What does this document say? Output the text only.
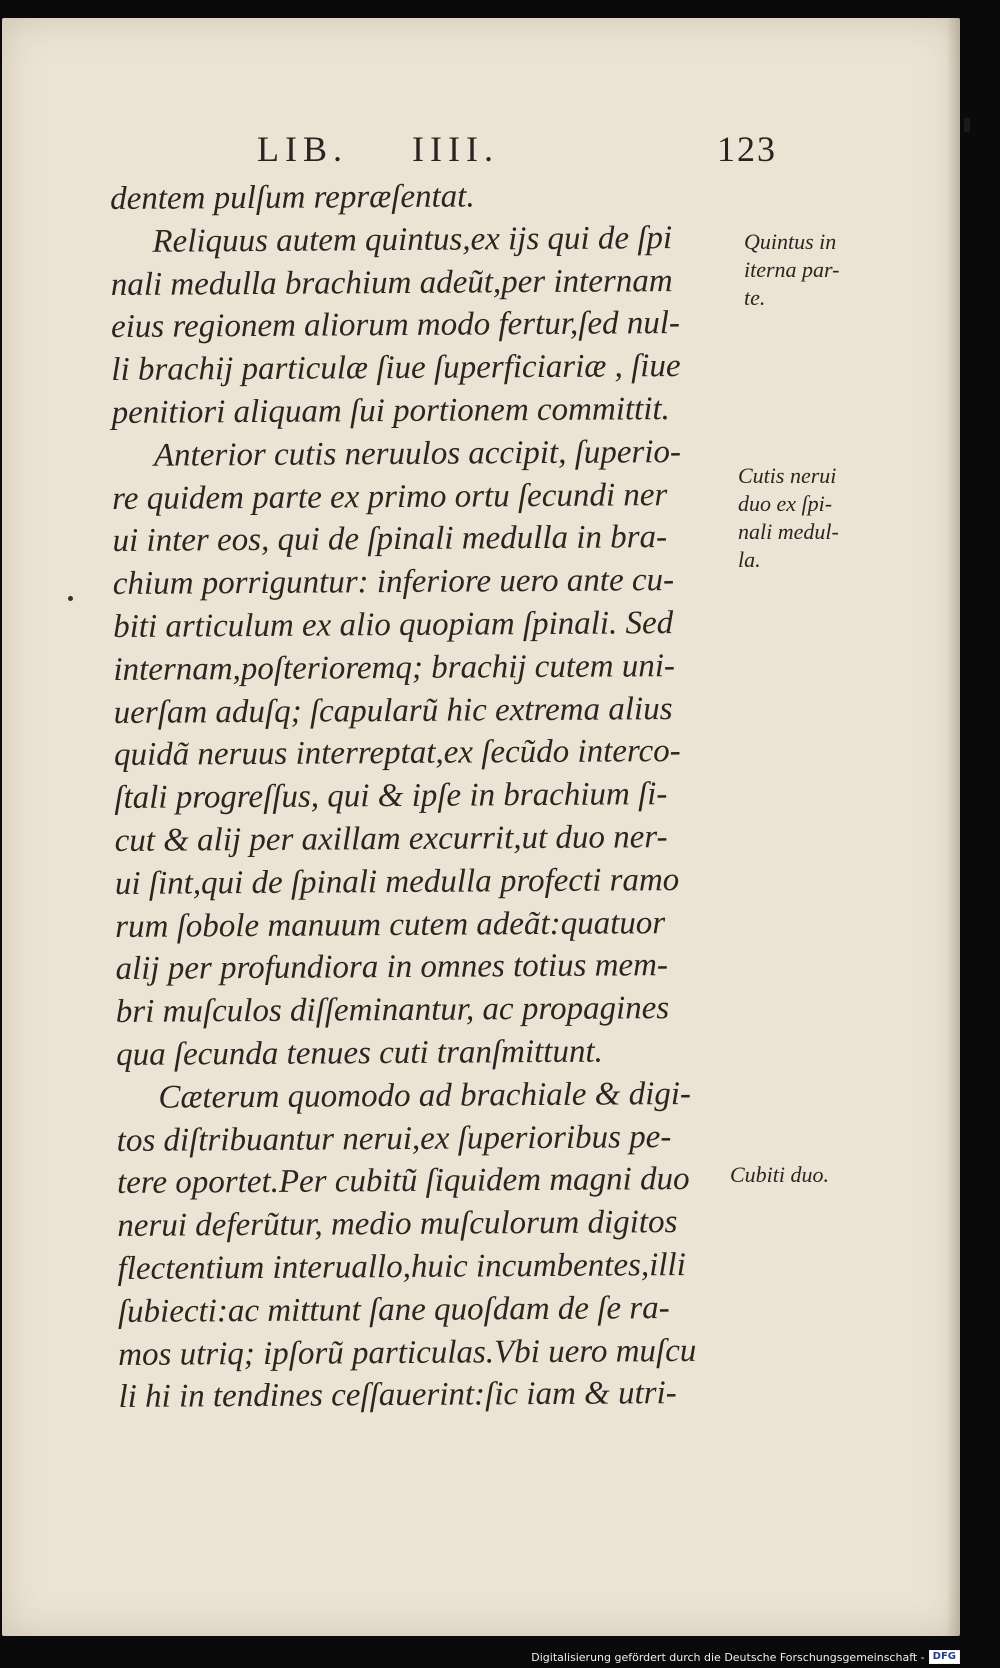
LIB. IIII.	123
dentem pulſum repræſentat.
Reliquus autem quintus,ex ijs qui de ſpi
nali medulla brachium adeũt,per internam
eius regionem aliorum modo fertur,ſed nul-
li brachij particulæ ſiue ſuperficiariæ , ſiue
penitiori aliquam ſui portionem committit.
Anterior cutis neruulos accipit, ſuperio-
re quidem parte ex primo ortu ſecundi ner
ui inter eos, qui de ſpinali medulla in bra-
chium porriguntur: inferiore uero ante cu-
biti articulum ex alio quopiam ſpinali. Sed
internam,poſterioremq; brachij cutem uni-
uerſam aduſq; ſcapularũ hic extrema alius
quidã neruus interreptat,ex ſecũdo interco-
ſtali progreſſus, qui & ipſe in brachium ſi-
cut & alij per axillam excurrit,ut duo ner-
ui ſint,qui de ſpinali medulla profecti ramo
rum ſobole manuum cutem adeãt:quatuor
alij per profundiora in omnes totius mem-
bri muſculos diſſeminantur, ac propagines
qua ſecunda tenues cuti tranſmittunt.
Cæterum quomodo ad brachiale & digi-
tos diſtribuantur nerui,ex ſuperioribus pe-
tere oportet.Per cubitũ ſiquidem magni duo
nerui deferũtur, medio muſculorum digitos
flectentium interuallo,huic incumbentes,illi
ſubiecti:ac mittunt ſane quoſdam de ſe ra-
mos utriq; ipſorũ particulas.Vbi uero muſcu
li hi in tendines ceſſauerint:ſic iam & utri-
Quintus in
iterna par-
te.
Cutis nerui
duo ex ſpi-
nali medul-
la.
Cubiti duo.
Digitalisierung gefördert durch die Deutsche Forschungsgemeinschaft - DFG
